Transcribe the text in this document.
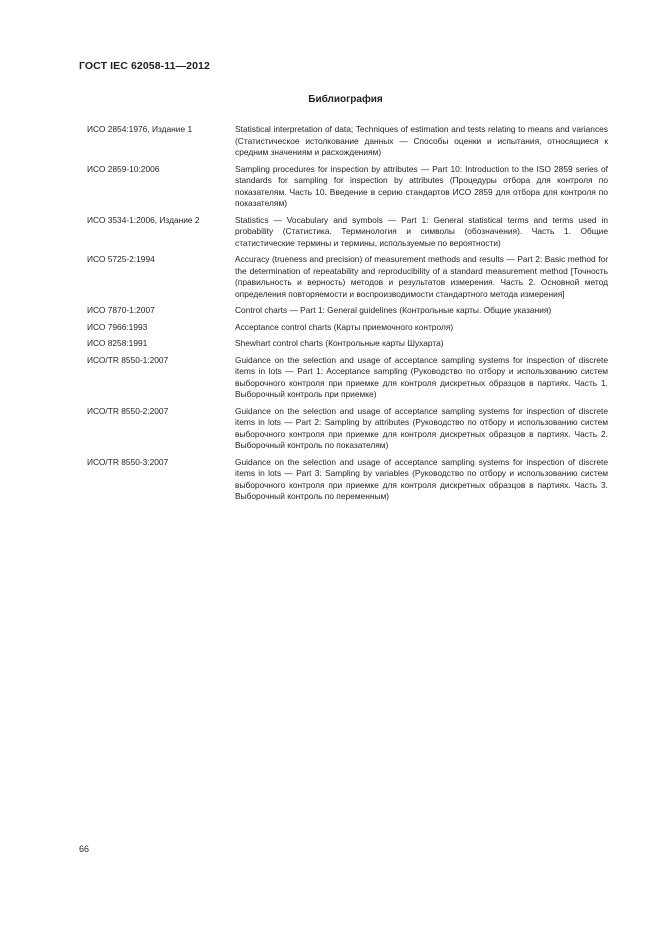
ГОСТ IEC 62058-11—2012
Библиография
ИСО 2854:1976, Издание 1	Statistical interpretation of data; Techniques of estimation and tests relating to means and variances (Статистическое истолкование данных — Способы оценки и испытания, относящиеся к средним значениям и расхождениям)
ИСО 2859-10:2006	Sampling procedures for inspection by attributes — Part 10: Introduction to the ISO 2859 series of standards for sampling for inspection by attributes (Процедуры отбора для контроля по показателям. Часть 10. Введение в серию стандартов ИСО 2859 для отбора для контроля по показателям)
ИСО 3534-1:2006, Издание 2	Statistics — Vocabulary and symbols — Part 1: General statistical terms and terms used in probability (Статистика. Терминология и символы (обозначения). Часть 1. Общие статистические термины и термины, используемые по вероятности)
ИСО 5725-2:1994	Accuracy (trueness and precision) of measurement methods and results — Part 2: Basic method for the determination of repeatability and reproducibility of a standard measurement method [Точность (правильность и верность) методов и результатов измерения. Часть 2. Основной метод определения повторяемости и воспроизводимости стандартного метода измерения]
ИСО 7870-1:2007	Control charts — Part 1: General guidelines (Контрольные карты. Общие указания)
ИСО 7966:1993	Acceptance control charts (Карты приемочного контроля)
ИСО 8258:1991	Shewhart control charts (Контрольные карты Шухарта)
ИСО/TR 8550-1:2007	Guidance on the selection and usage of acceptance sampling systems for inspection of discrete items in lots — Part 1: Acceptance sampling (Руководство по отбору и использованию систем выборочного контроля при приемке для контроля дискретных образцов в партиях. Часть 1. Выборочный контроль при приемке)
ИСО/TR 8550-2:2007	Guidance on the selection and usage of acceptance sampling systems for inspection of discrete items in lots — Part 2: Sampling by attributes (Руководство по отбору и использованию систем выборочного контроля при приемке для контроля дискретных образцов в партиях. Часть 2. Выборочный контроль по показателям)
ИСО/TR 8550-3:2007	Guidance on the selection and usage of acceptance sampling systems for inspection of discrete items in lots — Part 3: Sampling by variables (Руководство по отбору и использованию систем выборочного контроля при приемке для контроля дискретных образцов в партиях. Часть 3. Выборочный контроль по переменным)
66
